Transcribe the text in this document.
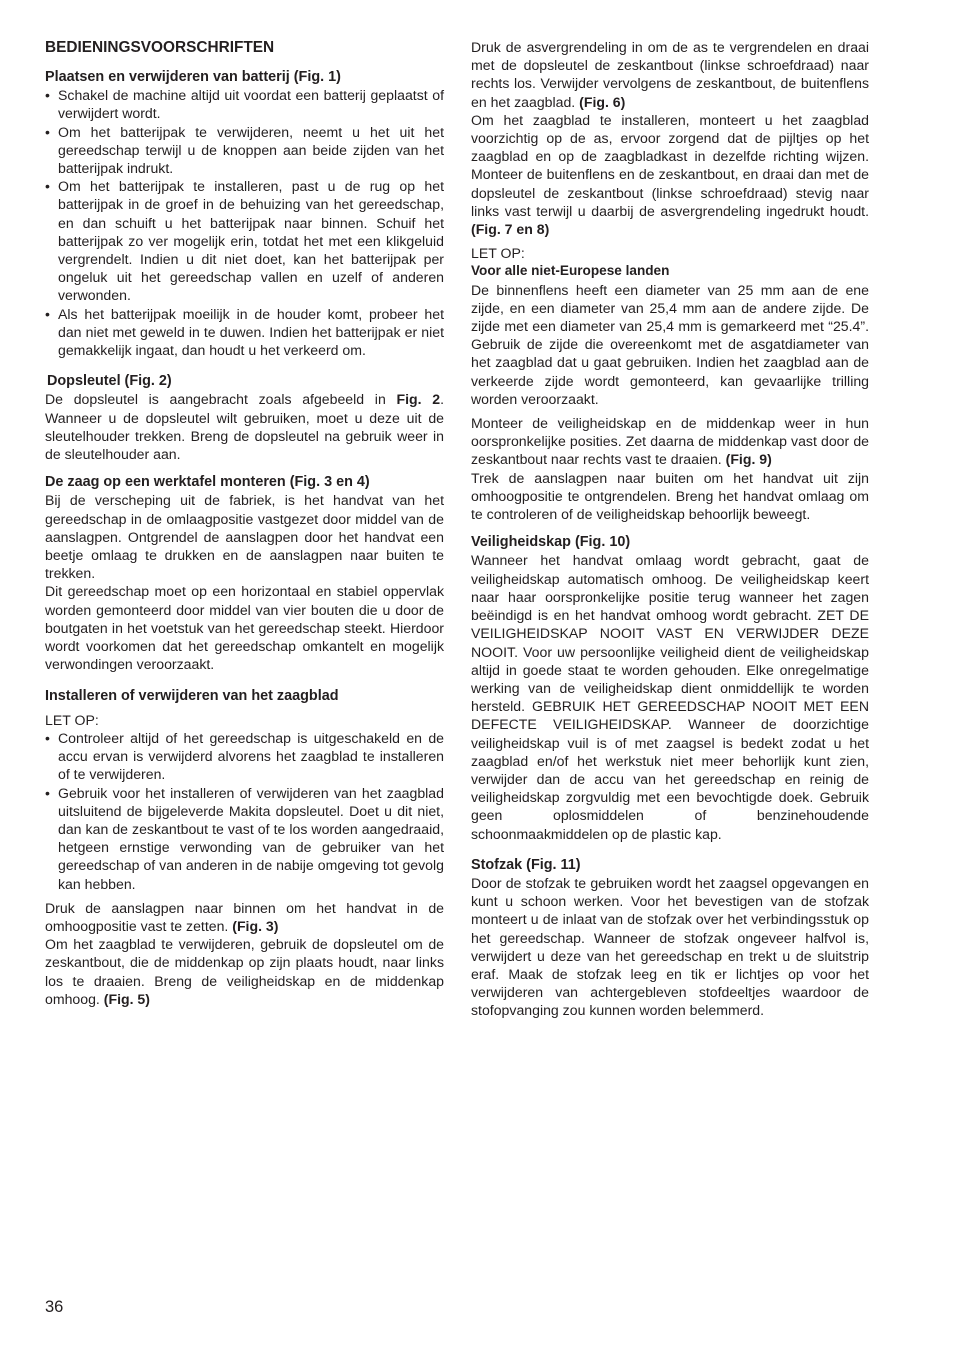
BEDIENINGSVOORSCHRIFTEN
Plaatsen en verwijderen van batterij (Fig. 1)
• Schakel de machine altijd uit voordat een batterij geplaatst of verwijdert wordt.
• Om het batterijpak te verwijderen, neemt u het uit het gereedschap terwijl u de knoppen aan beide zijden van het batterijpak indrukt.
• Om het batterijpak te installeren, past u de rug op het batterijpak in de groef in de behuizing van het gereedschap, en dan schuift u het batterijpak naar binnen. Schuif het batterijpak zo ver mogelijk erin, totdat het met een klikgeluid vergrendelt. Indien u dit niet doet, kan het batterijpak per ongeluk uit het gereedschap vallen en uzelf of anderen verwonden.
• Als het batterijpak moeilijk in de houder komt, probeer het dan niet met geweld in te duwen. Indien het batterijpak er niet gemakkelijk ingaat, dan houdt u het verkeerd om.
Dopsleutel (Fig. 2)

De dopsleutel is aangebracht zoals afgebeeld in Fig. 2. Wanneer u de dopsleutel wilt gebruiken, moet u deze uit de sleutelhouder trekken. Breng de dopsleutel na gebruik weer in de sleutelhouder aan.

De zaag op een werktafel monteren (Fig. 3 en 4)

Bij de verscheping uit de fabriek, is het handvat van het gereedschap in de omlaagpositie vastgezet door middel van de aanslagpen. Ontgrendel de aanslagpen door het handvat een beetje omlaag te drukken en de aanslagpen naar buiten te trekken.

Dit gereedschap moet op een horizontaal en stabiel oppervlak worden gemonteerd door middel van vier bouten die u door de boutgaten in het voetstuk van het gereedschap steekt. Hierdoor wordt voorkomen dat het gereedschap omkantelt en mogelijk verwondingen veroorzaakt.

Installeren of verwijderen van het zaagblad

LET OP:

• Controleer altijd of het gereedschap is uitgeschakeld en de accu ervan is verwijderd alvorens het zaagblad te installeren of te verwijderen.
• Gebruik voor het installeren of verwijderen van het zaagblad uitsluitend de bijgeleverde Makita dopsleutel. Doet u dit niet, dan kan de zeskantbout te vast of te los worden aangedraaid, hetgeen ernstige verwonding van de gebruiker van het gereedschap of van anderen in de nabije omgeving tot gevolg kan hebben.

Druk de aanslagpen naar binnen om het handvat in de omhoogpositie vast te zetten. (Fig. 3)

Om het zaagblad te verwijderen, gebruik de dopsleutel om de zeskantbout, die de middenkap op zijn plaats houdt, naar links los te draaien. Breng de veiligheidskap en de middenkap omhoog. (Fig. 5)

Druk de asvergrendeling in om de as te vergrendelen en draai met de dopsleutel de zeskantbout (linkse schroefdraad) naar rechts los. Verwijder vervolgens de zeskantbout, de buitenflens en het zaagblad. (Fig. 6)

Om het zaagblad te installeren, monteert u het zaagblad voorzichtig op de as, ervoor zorgend dat de pijltjes op het zaagblad en op de zaagbladkast in dezelfde richting wijzen. Monteer de buitenflens en de zeskantbout, en draai dan met de dopsleutel de zeskantbout (linkse schroefdraad) stevig naar links vast terwijl u daarbij de asvergrendeling ingedrukt houdt. (Fig. 7 en 8)

LET OP:

Voor alle niet-Europese landen

De binnenflens heeft een diameter van 25 mm aan de ene zijde, en een diameter van 25,4 mm aan de andere zijde. De zijde met een diameter van 25,4 mm is gemarkeerd met “25.4”. Gebruik de zijde die overeenkomt met de asgatdiameter van het zaagblad dat u gaat gebruiken. Indien het zaagblad aan de verkeerde zijde wordt gemonteerd, kan gevaarlijke trilling worden veroorzaakt.

Monteer de veiligheidskap en de middenkap weer in hun oorspronkelijke posities. Zet daarna de middenkap vast door de zeskantbout naar rechts vast te draaien. (Fig. 9)

Trek de aanslagpen naar buiten om het handvat uit zijn omhoogpositie te ontgrendelen. Breng het handvat omlaag om te controleren of de veiligheidskap behoorlijk beweegt.

Veiligheidskap (Fig. 10)

Wanneer het handvat omlaag wordt gebracht, gaat de veiligheidskap automatisch omhoog. De veiligheidskap keert naar haar oorspronkelijke positie terug wanneer het zagen beëindigd is en het handvat omhoog wordt gebracht. ZET DE VEILIGHEIDSKAP NOOIT VAST EN VERWIJDER DEZE NOOIT. Voor uw persoonlijke veiligheid dient de veiligheidskap altijd in goede staat te worden gehouden. Elke onregelmatige werking van de veiligheidskap dient onmiddellijk te worden hersteld. GEBRUIK HET GEREEDSCHAP NOOIT MET EEN DEFECTE VEILIGHEIDSKAP. Wanneer de doorzichtige veiligheidskap vuil is of met zaagsel is bedekt zodat u het zaagblad en/of het werkstuk niet meer behorlijk kunt zien, verwijder dan de accu van het gereedschap en reinig de veiligheidskap zorgvuldig met een bevochtigde doek. Gebruik geen oplosmiddelen of benzinehoudende schoonmaakmiddelen op de plastic kap.

Stofzak (Fig. 11)

Door de stofzak te gebruiken wordt het zaagsel opgevangen en kunt u schoon werken. Voor het bevestigen van de stofzak monteert u de inlaat van de stofzak over het verbindingsstuk op het gereedschap. Wanneer de stofzak ongeveer halfvol is, verwijdert u deze van het gereedschap en trekt u de sluitstrip eraf. Maak de stofzak leeg en tik er lichtjes op voor het verwijderen van achtergebleven stofdeeltjes waardoor de stofopvanging zou kunnen worden belemmerd.

36
